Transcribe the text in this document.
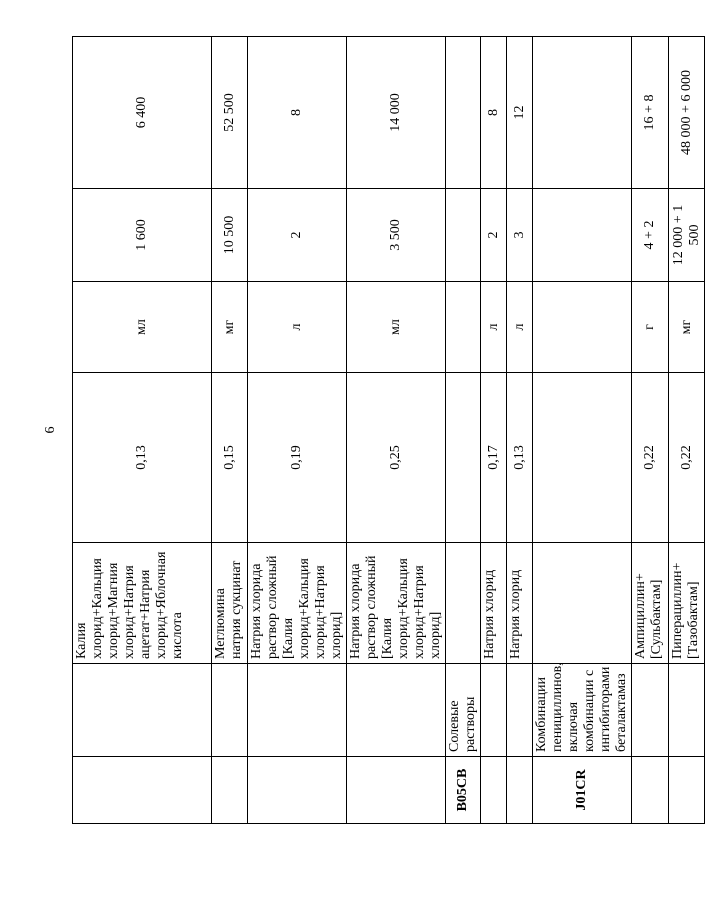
6
		Калия хлорид+Кальция хлорид+Магния хлорид+Натрия ацетат+Натрия хлорид+Яблочная кислота	0,13	мл	1 600	6 400
		Меглюмина натрия сукцинат	0,15	мг	10 500	52 500
		Натрия хлорида раствор сложный [Калия хлорид+Кальция хлорид+Натрия хлорид]	0,19	л	2	8
		Натрия хлорида раствор сложный [Калия хлорид+Кальция хлорид+Натрия хлорид]	0,25	мл	3 500	14 000
B05CB	Солевые растворы					
		Натрия хлорид	0,17	л	2	8
		Натрия хлорид	0,13	л	3	12
J01CR	Комбинации пенициллинов, включая комбинации с ингибиторами беталактамаз					
		Ампициллин+ [Сульбактам]	0,22	г	4 + 2	16 + 8
		Пиперациллин+ [Тазобактам]	0,22	мг	12 000 + 1 500	48 000 + 6 000
